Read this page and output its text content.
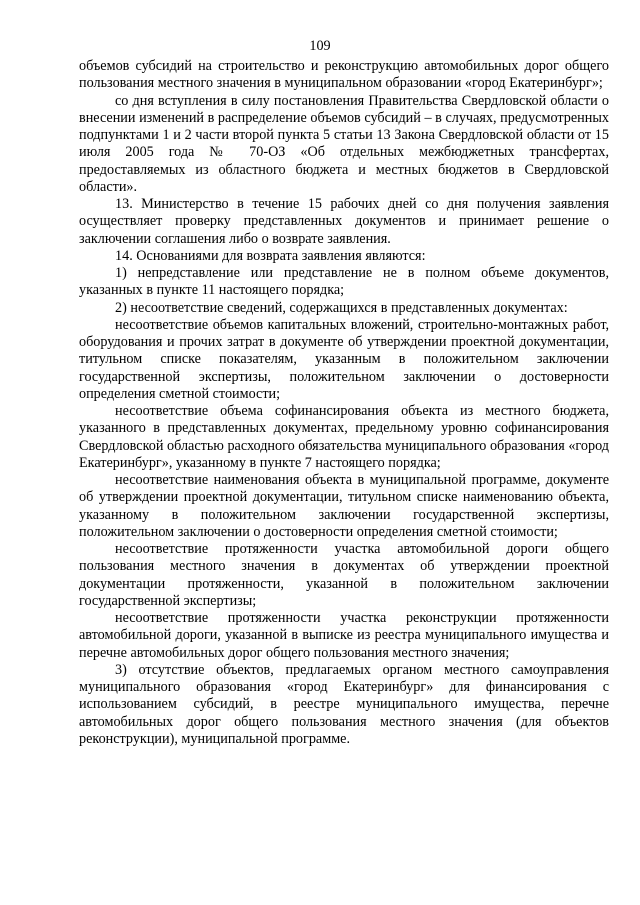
109

объемов субсидий на строительство и реконструкцию автомобильных дорог общего пользования местного значения в муниципальном образовании «город Екатеринбург»;

со дня вступления в силу постановления Правительства Свердловской области о внесении изменений в распределение объемов субсидий – в случаях, предусмотренных подпунктами 1 и 2 части второй пункта 5 статьи 13 Закона Свердловской области от 15 июля 2005 года № 70-ОЗ «Об отдельных межбюджетных трансфертах, предоставляемых из областного бюджета и местных бюджетов в Свердловской области».

13. Министерство в течение 15 рабочих дней со дня получения заявления осуществляет проверку представленных документов и принимает решение о заключении соглашения либо о возврате заявления.

14. Основаниями для возврата заявления являются:

1) непредставление или представление не в полном объеме документов, указанных в пункте 11 настоящего порядка;

2) несоответствие сведений, содержащихся в представленных документах:

несоответствие объемов капитальных вложений, строительно-монтажных работ, оборудования и прочих затрат в документе об утверждении проектной документации, титульном списке показателям, указанным в положительном заключении государственной экспертизы, положительном заключении о достоверности определения сметной стоимости;

несоответствие объема софинансирования объекта из местного бюджета, указанного в представленных документах, предельному уровню софинансирования Свердловской областью расходного обязательства муниципального образования «город Екатеринбург», указанному в пункте 7 настоящего порядка;

несоответствие наименования объекта в муниципальной программе, документе об утверждении проектной документации, титульном списке наименованию объекта, указанному в положительном заключении государственной экспертизы, положительном заключении о достоверности определения сметной стоимости;

несоответствие протяженности участка автомобильной дороги общего пользования местного значения в документах об утверждении проектной документации протяженности, указанной в положительном заключении государственной экспертизы;

несоответствие протяженности участка реконструкции протяженности автомобильной дороги, указанной в выписке из реестра муниципального имущества и перечне автомобильных дорог общего пользования местного значения;

3) отсутствие объектов, предлагаемых органом местного самоуправления муниципального образования «город Екатеринбург» для финансирования с использованием субсидий, в реестре муниципального имущества, перечне автомобильных дорог общего пользования местного значения (для объектов реконструкции), муниципальной программе.
